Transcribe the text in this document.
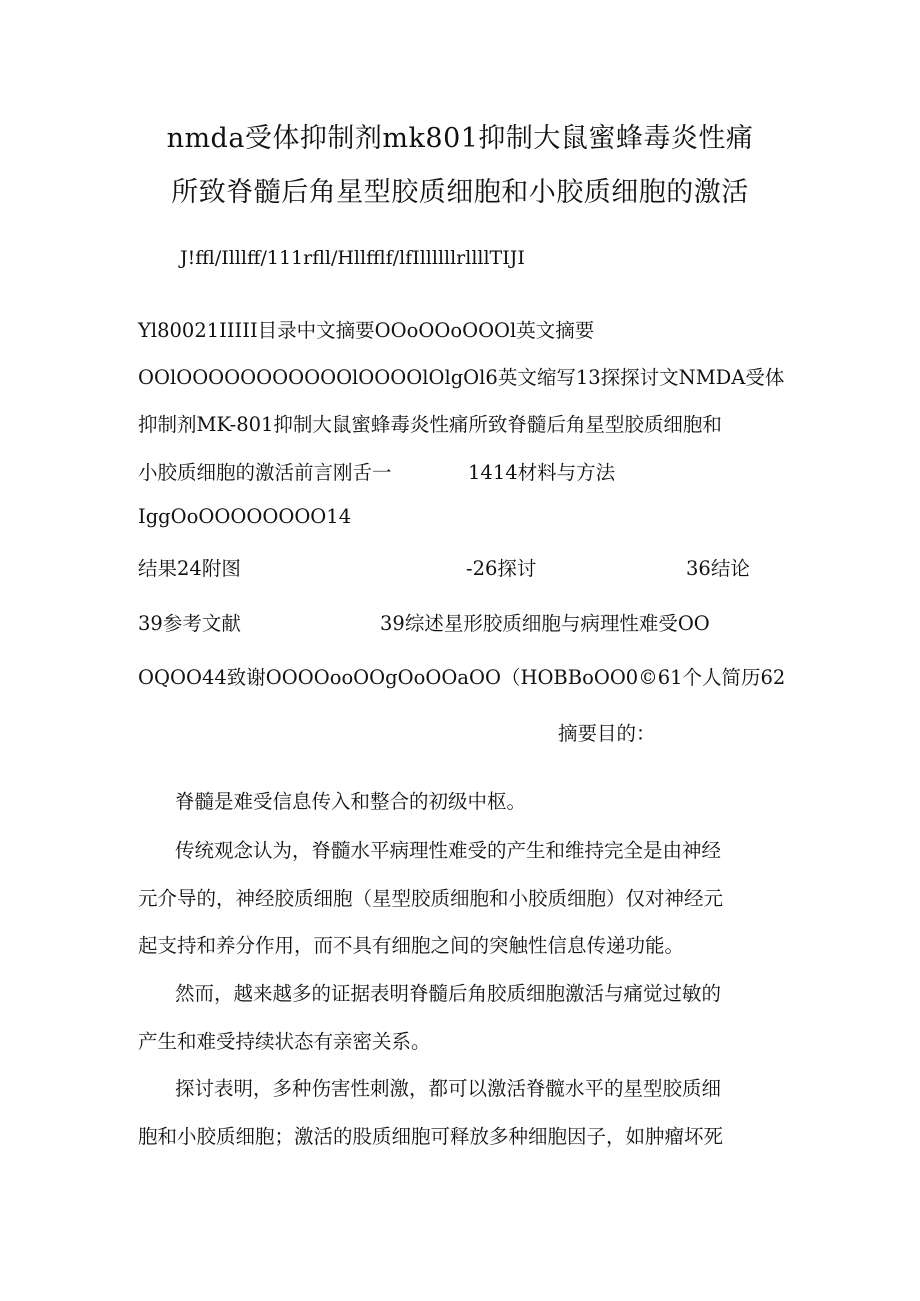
nmda受体抑制剂mk801抑制大鼠蜜蜂毒炎性痛
所致脊髓后角星型胶质细胞和小胶质细胞的激活
J!ffl/Illlff/111rfll/Hllfflf/lfIllllllrllllTIJI
Yl80021IIIII目录中文摘要OOoOOoOOOl英文摘要
OOlOOOOOOOOOOOlOOOOlOlgOl6英文缩写13探探讨文NMDA受体
抑制剂MK-801抑制大鼠蜜蜂毒炎性痛所致脊髓后角星型胶质细胞和
小胶质细胞的激活前言刚舌一	1414材料与方法
IggOoOOOOOOOO14
结果24附图	-26探讨	36结论
39参考文献	39综述星形胶质细胞与病理性难受OO
OQOO44致谢OOOOooOOgOoOOaOO（HOBBoOO0©61个人简历62
摘要目的：
脊髓是难受信息传入和整合的初级中枢。
传统观念认为，脊髓水平病理性难受的产生和维持完全是由神经
元介导的，神经胶质细胞（星型胶质细胞和小胶质细胞）仅对神经元
起支持和养分作用，而不具有细胞之间的突触性信息传递功能。
然而，越来越多的证据表明脊髓后角胶质细胞激活与痛觉过敏的
产生和难受持续状态有亲密关系。
探讨表明，多种伤害性刺激，都可以激活脊髋水平的星型胶质细
胞和小胶质细胞；激活的股质细胞可释放多种细胞因子，如肿瘤坏死
